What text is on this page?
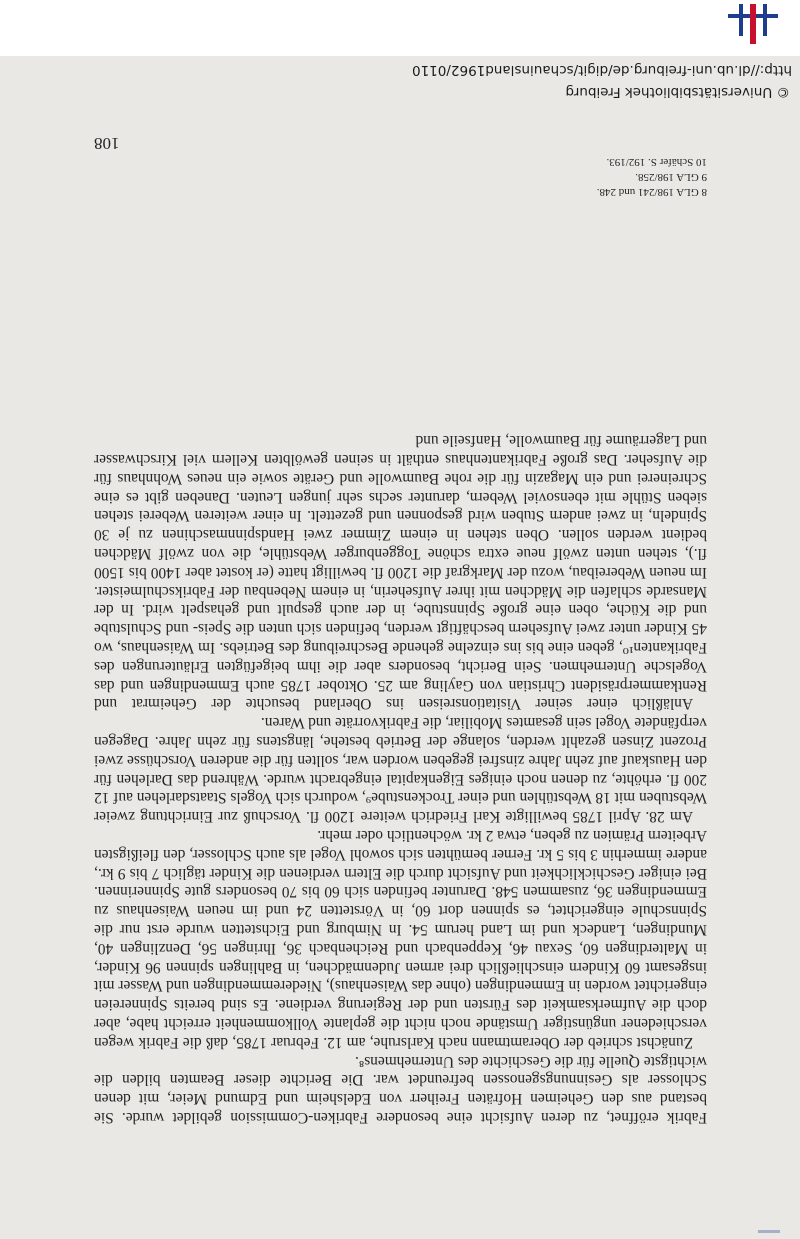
Fabrik eröffnet, zu deren Aufsicht eine besondere Fabriken-Commission gebildet wurde. Sie bestand aus den Geheimen Hofräten Freiherr von Edelsheim und Edmund Meier, mit denen Schlosser als Gesinnungsgenossen befreundet war. Die Berichte dieser Beamten bilden die wichtigste Quelle für die Geschichte des Unternehmens⁸.

Zunächst schrieb der Oberamtmann nach Karlsruhe, am 12. Februar 1785, daß die Fabrik wegen verschiedener ungünstiger Umstände noch nicht die geplante Vollkommenheit erreicht habe, aber doch die Aufmerksamkeit des Fürsten und der Regierung verdiene. Es sind bereits Spinnereien eingerichtet worden in Emmendingen (ohne das Waisenhaus), Niederemmendingen und Wasser mit insgesamt 60 Kindern einschließlich drei armen Judenmädchen, in Bahlingen spinnen 96 Kinder, in Malterdingen 60, Sexau 46, Keppenbach und Reichenbach 36, Ihringen 56, Denzlingen 40, Mundingen, Landeck und im Land herum 54. In Nimburg und Eichstetten wurde erst nur die Spinnschule eingerichtet, es spinnen dort 60, in Vörstetten 24 und im neuen Waisenhaus zu Emmendingen 36, zusammen 548. Darunter befinden sich 60 bis 70 besonders gute Spinnerinnen. Bei einiger Geschicklichkeit und Aufsicht durch die Eltern verdienen die Kinder täglich 7 bis 9 kr., andere immerhin 3 bis 5 kr. Ferner bemühten sich sowohl Vogel als auch Schlosser, den fleißigsten Arbeitern Prämien zu geben, etwa 2 kr. wöchentlich oder mehr.

Am 28. April 1785 bewilligte Karl Friedrich weitere 1200 fl. Vorschuß zur Einrichtung zweier Webstuben mit 18 Webstühlen und einer Trockenstube⁹, wodurch sich Vogels Staatsdarlehen auf 12 200 fl. erhöhte, zu denen noch einiges Eigenkapital eingebracht wurde. Während das Darlehen für den Hauskauf auf zehn Jahre zinsfrei gegeben worden war, sollten für die anderen Vorschüsse zwei Prozent Zinsen gezahlt werden, solange der Betrieb bestehe, längstens für zehn Jahre. Dagegen verpfändete Vogel sein gesamtes Mobiliar, die Fabrikvorräte und Waren.

Anläßlich einer seiner Visitationsreisen ins Oberland besuchte der Geheimrat und Rentkammerpräsident Christian von Gayling am 25. Oktober 1785 auch Emmendingen und das Vogelsche Unternehmen. Sein Bericht, besonders aber die ihm beigefügten Erläuterungen des Fabrikanten¹⁰, geben eine bis ins einzelne gehende Beschreibung des Betriebs. Im Waisenhaus, wo 45 Kinder unter zwei Aufsehern beschäftigt werden, befinden sich unten die Speis- und Schulstube und die Küche, oben eine große Spinnstube, in der auch gespult und gehaspelt wird. In der Mansarde schlafen die Mädchen mit ihrer Aufseherin, in einem Nebenbau der Fabrikschulmeister. Im neuen Webereibau, wozu der Markgraf die 1200 fl. bewilligt hatte (er kostet aber 1400 bis 1500 fl.), stehen unten zwölf neue extra schöne Toggenburger Webstühle, die von zwölf Mädchen bedient werden sollen. Oben stehen in einem Zimmer zwei Handspinnmaschinen zu je 30 Spindeln, in zwei andern Stuben wird gesponnen und gezettelt. In einer weiteren Weberei stehen sieben Stühle mit ebensoviel Webern, darunter sechs sehr jungen Leuten. Daneben gibt es eine Schreinerei und ein Magazin für die rohe Baumwolle und Geräte sowie ein neues Wohnhaus für die Aufseher. Das große Fabrikantenhaus enthält in seinen gewölbten Kellern viel Kirschwasser und Lagerräume für Baumwolle, Hanfseile und

8 GLA 198/241 und 248.
9 GLA 198/258.
10 Schäfer S. 192/193.
108
© Universitätsbibliothek Freiburg
http://dl.ub.uni-freiburg.de/digit/schauinsland1962/0110
